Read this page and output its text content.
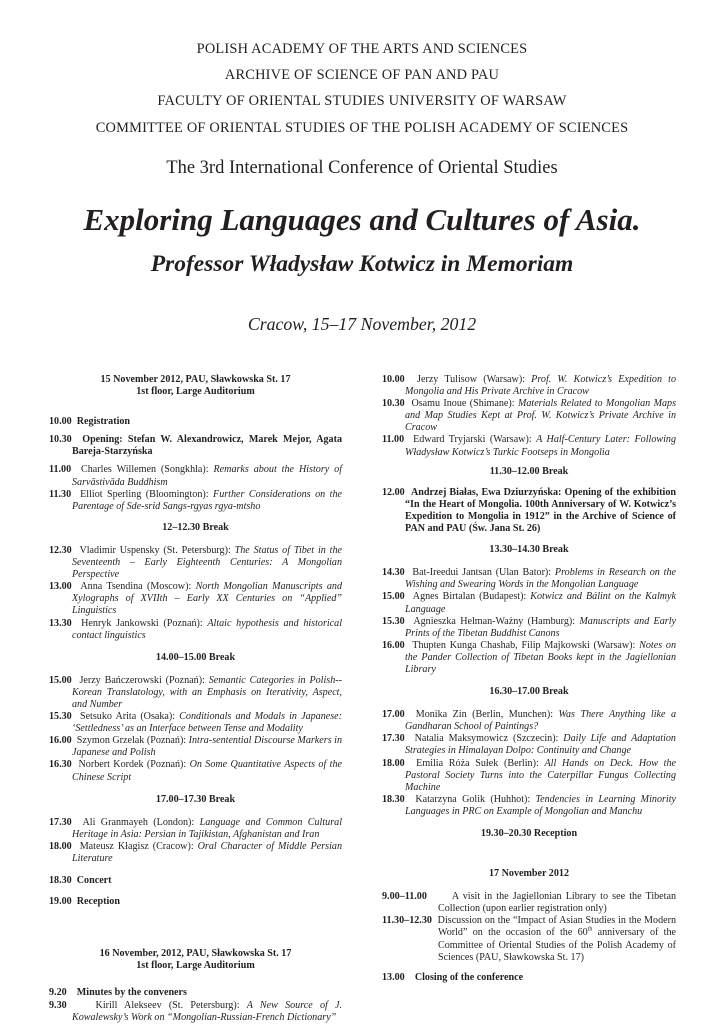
POLISH ACADEMY OF THE ARTS AND SCIENCES
ARCHIVE OF SCIENCE OF PAN AND PAU
FACULTY OF ORIENTAL STUDIES UNIVERSITY OF WARSAW
COMMITTEE OF ORIENTAL STUDIES OF THE POLISH ACADEMY OF SCIENCES
The 3rd International Conference of Oriental Studies
Exploring Languages and Cultures of Asia.
Professor Władysław Kotwicz in Memoriam
Cracow, 15–17 November, 2012

15 November 2012, PAU, Sławkowska St. 17

1st floor, Large Auditorium

10.00 Registration

10.30 Opening: Stefan W. Alexandrowicz, Marek Mejor, Agata Bareja-Starzyńska

11.00 Charles Willemen (Songkhla): Remarks about the History of Sarvāstivāda Buddhism

11.30 Elliot Sperling (Bloomington): Further Considerations on the Parentage of Sde-srid Sangs-rgyas rgya-mtsho

12–12.30 Break

12.30 Vladimir Uspensky (St. Petersburg): The Status of Tibet in the Seventeenth – Early Eighteenth Centuries: A Mongolian Perspective

13.00 Anna Tsendina (Moscow): North Mongolian Manuscripts and Xylographs of XVIIth – Early XX Centuries on “Applied” Linguistics

13.30 Henryk Jankowski (Poznań): Altaic hypothesis and historical contact linguistics

14.00–15.00 Break

15.00 Jerzy Bańczerowski (Poznań): Semantic Categories in Polish--Korean Translatology, with an Emphasis on Iterativity, Aspect, and Number

15.30 Setsuko Arita (Osaka): Conditionals and Modals in Japanese: ‘Settledness’ as an Interface between Tense and Modality

16.00 Szymon Grzelak (Poznań): Intra-sentential Discourse Markers in Japanese and Polish

16.30 Norbert Kordek (Poznań): On Some Quantitative Aspects of the Chinese Script

17.00–17.30 Break

17.30 Ali Granmayeh (London): Language and Common Cultural Heritage in Asia: Persian in Tajikistan, Afghanistan and Iran

18.00 Mateusz Kłagisz (Cracow): Oral Character of Middle Persian Literature

18.30 Concert

19.00 Reception

16 November, 2012, PAU, Sławkowska St. 17

1st floor, Large Auditorium

9.20 Minutes by the conveners

9.30	Kirill Alekseev (St. Petersburg): A New Source of J. Kowalewsky’s Work on “Mongolian-Russian-French Dictionary”

10.00 Jerzy Tulisow (Warsaw): Prof. W. Kotwicz’s Expedition to Mongolia and His Private Archive in Cracow

10.30 Osamu Inoue (Shimane): Materials Related to Mongolian Maps and Map Studies Kept at Prof. W. Kotwicz’s Private Archive in Cracow

11.00 Edward Tryjarski (Warsaw): A Half-Century Later: Following Władysław Kotwicz’s Turkic Footseps in Mongolia

11.30–12.00 Break

12.00 Andrzej Białas, Ewa Dziurzyńska: Opening of the exhibition “In the Heart of Mongolia. 100th Anniversary of W. Kotwicz’s Expedition to Mongolia in 1912” in the Archive of Science of PAN and PAU (Św. Jana St. 26)

13.30–14.30 Break

14.30 Bat-Ireedui Jantsan (Ulan Bator): Problems in Research on the Wishing and Swearing Words in the Mongolian Language

15.00 Agnes Birtalan (Budapest): Kotwicz and Bálint on the Kalmyk Language

15.30 Agnieszka Helman-Ważny (Hamburg): Manuscripts and Early Prints of the Tibetan Buddhist Canons

16.00 Thupten Kunga Chashab, Filip Majkowski (Warsaw): Notes on the Pander Collection of Tibetan Books kept in the Jagiellonian Library

16.30–17.00 Break

17.00 Monika Zin (Berlin, Munchen): Was There Anything like a Gandharan School of Paintings?

17.30 Natalia Maksymowicz (Szczecin): Daily Life and Adaptation Strategies in Himalayan Dolpo: Continuity and Change

18.00 Emilia Róża Sułek (Berlin): All Hands on Deck. How the Pastoral Society Turns into the Caterpillar Fungus Collecting Machine

18.30 Katarzyna Golik (Huhhot): Tendencies in Learning Minority Languages in PRC on Example of Mongolian and Manchu

19.30–20.30 Reception

17 November 2012

9.00–11.00 A visit in the Jagiellonian Library to see the Tibetan Collection (upon earlier registration only)

11.30–12.30 Discussion on the “Impact of Asian Studies in the Modern World” on the occasion of the 60th anniversary of the Committee of Oriental Studies of the Polish Academy of Sciences (PAU, Sławkowska St. 17)

13.00 Closing of the conference
